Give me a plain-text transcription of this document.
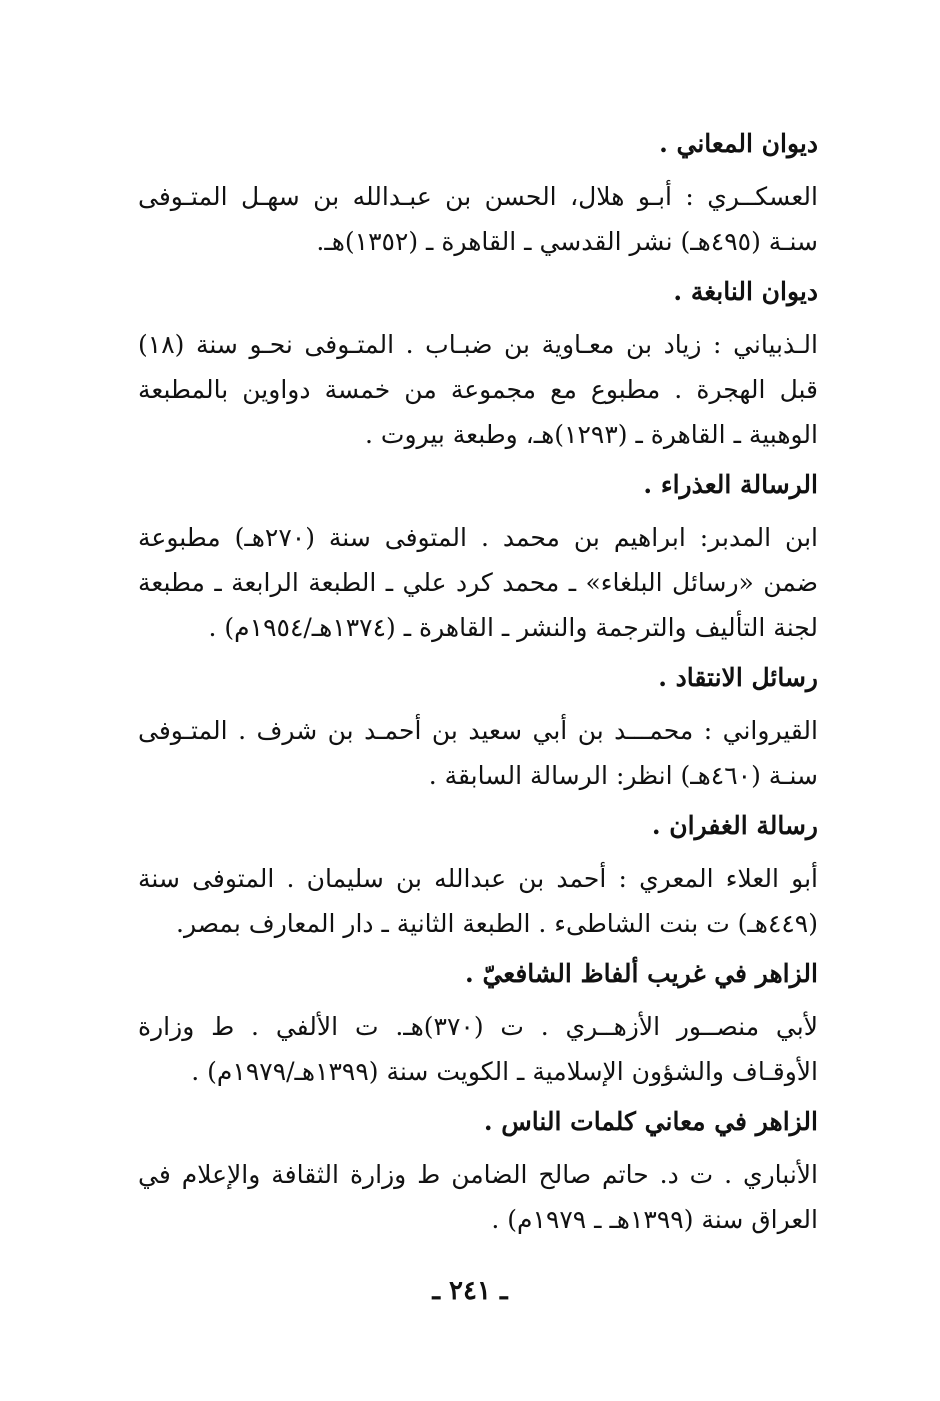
ديوان المعاني .

العسكــري : أبـو هلال، الحسن بن عبـدالله بن سهـل المتـوفى سنـة (٤٩٥هـ) نشر القدسي ـ القاهرة ـ (١٣٥٢)هـ.

ديوان النابغة .

الـذبياني : زياد بن معـاوية بن ضبـاب . المتـوفى نحـو سنة (١٨) قبل الهجرة . مطبوع مع مجموعة من خمسة دواوين بالمطبعة الوهبية ـ القاهرة ـ (١٢٩٣)هـ، وطبعة بيروت .

الرسالة العذراء .

ابن المدبر: ابراهيم بن محمد . المتوفى سنة (٢٧٠هـ) مطبوعة ضمن «رسائل البلغاء» ـ محمد كرد علي ـ الطبعة الرابعة ـ مطبعة لجنة التأليف والترجمة والنشر ـ القاهرة ـ (١٣٧٤هـ/١٩٥٤م) .

رسائل الانتقاد .

القيرواني : محمـــد بن أبي سعيد بن أحمـد بن شرف . المتـوفى سنـة (٤٦٠هـ) انظر: الرسالة السابقة .

رسالة الغفران .

أبو العلاء المعري : أحمد بن عبدالله بن سليمان . المتوفى سنة (٤٤٩هـ) ت بنت الشاطىء . الطبعة الثانية ـ دار المعارف بمصر.

الزاهر في غريب ألفاظ الشافعيّ .

لأبي منصــور الأزهــري . ت (٣٧٠)هـ. ت الألفي . ط وزارة الأوقـاف والشؤون الإسلامية ـ الكويت سنة (١٣٩٩هـ/١٩٧٩م) .

الزاهر في معاني كلمات الناس .

الأنباري . ت د. حاتم صالح الضامن ط وزارة الثقافة والإعلام في العراق سنة (١٣٩٩هـ ـ ١٩٧٩م) .

ـ ٢٤١ ـ
